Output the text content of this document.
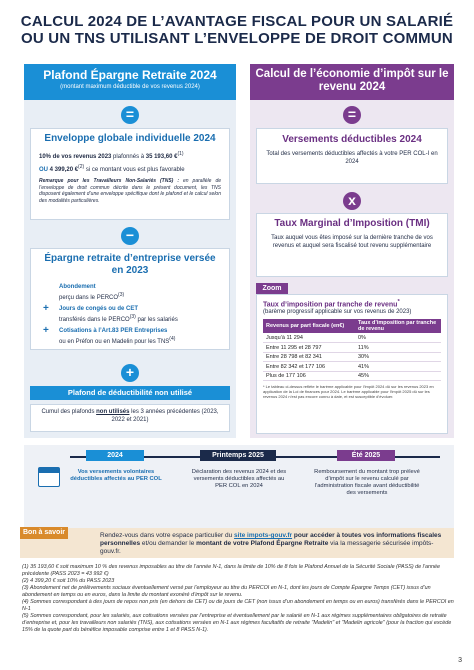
CALCUL 2024 DE L’AVANTAGE FISCAL POUR UN SALARIÉ OU UN TNS UTILISANT L’ENVELOPPE DE DROIT COMMUN
Plafond Épargne Retraite 2024
(montant maximum déductible de vos revenus 2024)
Calcul de l’économie d’impôt sur le revenu 2024
=
Enveloppe globale individuelle 2024
10% de vos revenus 2023 plafonnés à 35 193,60 €$^{(1)}$
OU 4 399,20 €$^{(2)}$ si ce montant vous est plus favorable
Remarque pour les Travailleurs Non-Salariés (TNS) : en parallèle de l’enveloppe de droit commun décrite dans le présent document, les TNS disposent également d’une enveloppe spécifique dont le plafond et le calcul selon des modalités particulières.
−
Épargne retraite d’entreprise versée en 2023
Abondement
perçu dans le $PERCO^{(3)}$
+ Jours de congés ou de CET
transférés dans le PERCO$^{(3)}$ par les salariés
+ Cotisations à l’Art.83 PER Entreprises
ou en Préfon ou en Madelin pour les $TNS^{(4)}$
+
Plafond de déductibilité non utilisé
Cumul des plafonds non utilisés les 3 années précédentes (2023, 2022 et 2021)
=
Versements déductibles 2024
Total des versements déductibles affectés à votre PER COL-I en 2024
x
Taux Marginal d’Imposition (TMI)
Taux auquel vous êtes imposé sur la dernière tranche de vos revenus et auquel sera fiscalisé tout revenu supplémentaire
Zoom
Taux d’imposition par tranche de revenu*
(barème progressif applicable sur vos revenus de 2023)
Revenus par part fiscale (en€)	Taux d’imposition par tranche de revenu
Jusqu’à 11 294	0%
Entre 11 295 et 28 797	11%
Entre 28 798 et 82 341	30%
Entre 82 342 et 177 106	41%
Plus de 177 106	45%
* Le tableau ci-dessus reflète le barème applicable pour l’impôt 2024 dû sur les revenus 2023 en application de la Loi de finances pour 2024. Le barème applicable pour l’impôt 2025 dû sur les revenus 2024 n’est pas encore connu à date, et est susceptible d’évoluer.
2024
Vos versements volontaires déductibles affectés au PER COL
Printemps 2025
Déclaration des revenus 2024 et des versements déductibles affectés au PER COL en 2024
Été 2025
Remboursement du montant trop prélevé d’impôt sur le revenu calculé par l’administration fiscale avant déductibilité des versements
Bon à savoir	Rendez-vous dans votre espace particulier du site impots-gouv.fr pour accéder à toutes vos informations fiscales personnelles et/ou demander le montant de votre Plafond Épargne Retraite via la messagerie sécurisée impôts-gouv.fr.
(1) 35 193,60 € soit maximum 10 % des revenus imposables au titre de l’année N-1, dans la limite de 10% de 8 fois le Plafond Annuel de la Sécurité Sociale (PASS) de l’année précédente (PASS 2023 = 43 992 €)
(2) 4 399,20 € soit 10% du PASS 2023
(3) Abondement net de prélèvements sociaux éventuellement versé par l’employeur au titre du PERCOI en N-1, dont les jours de Compte Épargne Temps (CET) issus d’un abondement en temps ou en euros, dans la limite du montant exonéré d’impôt sur le revenu.
(4) Sommes correspondant à des jours de repos non pris (en dehors de CET) ou de jours de CET (non issus d’un abondement en temps ou en euros) transférés dans le PERCOI en N-1
(5) Sommes correspondant, pour les salariés, aux cotisations versées par l’entreprise et éventuellement par le salarié en N-1 aux régimes supplémentaires obligatoires de retraite d’entreprise et, pour les travailleurs non salariés (TNS), aux cotisations versées en N-1 aux régimes facultatifs de retraite "Madelin" et "Madelin agricole" (pour la fraction qui excède 15% de la quote part du bénéfice imposable comprise entre 1 et 8 PASS N-1).
3
